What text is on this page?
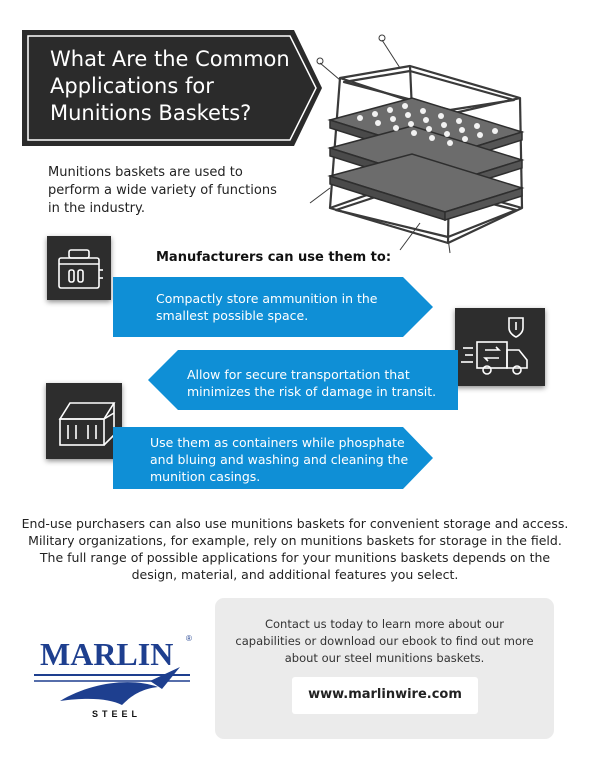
What Are the Common Applications for Munitions Baskets?
Munitions baskets are used to perform a wide variety of functions in the industry.
Manufacturers can use them to:
Compactly store ammunition in the smallest possible space.
Allow for secure transportation that minimizes the risk of damage in transit.
Use them as containers while phosphate and bluing and washing and cleaning the munition casings.
End-use purchasers can also use munitions baskets for convenient storage and access. Military organizations, for example, rely on munitions baskets for storage in the field. The full range of possible applications for your munitions baskets depends on the design, material, and additional features you select.
MARLIN ®
STEEL
Contact us today to learn more about our capabilities or download our ebook to find out more about our steel munitions baskets.
www.marlinwire.com
